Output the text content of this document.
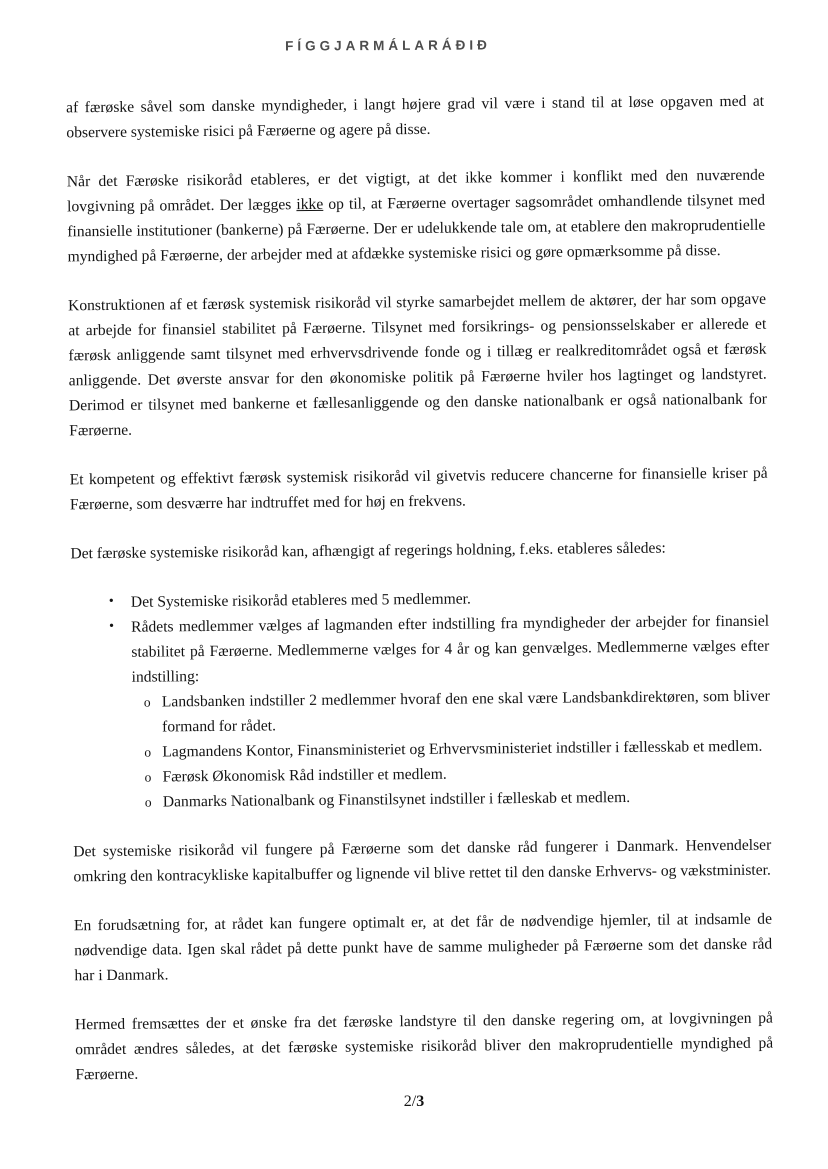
FÍGGJARMÁLARÁÐIÐ

af færøske såvel som danske myndigheder, i langt højere grad vil være i stand til at løse opgaven med at observere systemiske risici på Færøerne og agere på disse.

Når det Færøske risikoråd etableres, er det vigtigt, at det ikke kommer i konflikt med den nuværende lovgivning på området. Der lægges ikke op til, at Færøerne overtager sagsområdet omhandlende tilsynet med finansielle institutioner (bankerne) på Færøerne. Der er udelukkende tale om, at etablere den makroprudentielle myndighed på Færøerne, der arbejder med at afdække systemiske risici og gøre opmærksomme på disse.

Konstruktionen af et færøsk systemisk risikoråd vil styrke samarbejdet mellem de aktører, der har som opgave at arbejde for finansiel stabilitet på Færøerne. Tilsynet med forsikrings- og pensionsselskaber er allerede et færøsk anliggende samt tilsynet med erhvervsdrivende fonde og i tillæg er realkreditområdet også et færøsk anliggende. Det øverste ansvar for den økonomiske politik på Færøerne hviler hos lagtinget og landstyret. Derimod er tilsynet med bankerne et fællesanliggende og den danske nationalbank er også nationalbank for Færøerne.

Et kompetent og effektivt færøsk systemisk risikoråd vil givetvis reducere chancerne for finansielle kriser på Færøerne, som desværre har indtruffet med for høj en frekvens.

Det færøske systemiske risikoråd kan, afhængigt af regerings holdning, f.eks. etableres således:

• Det Systemiske risikoråd etableres med 5 medlemmer.
• Rådets medlemmer vælges af lagmanden efter indstilling fra myndigheder der arbejder for finansiel stabilitet på Færøerne. Medlemmerne vælges for 4 år og kan genvælges. Medlemmerne vælges efter indstilling:
o Landsbanken indstiller 2 medlemmer hvoraf den ene skal være Landsbankdirektøren, som bliver formand for rådet.
o Lagmandens Kontor, Finansministeriet og Erhvervsministeriet indstiller i fællesskab et medlem.
o Færøsk Økonomisk Råd indstiller et medlem.
o Danmarks Nationalbank og Finanstilsynet indstiller i fælleskab et medlem.

Det systemiske risikoråd vil fungere på Færøerne som det danske råd fungerer i Danmark. Henvendelser omkring den kontracykliske kapitalbuffer og lignende vil blive rettet til den danske Erhvervs- og vækstminister.

En forudsætning for, at rådet kan fungere optimalt er, at det får de nødvendige hjemler, til at indsamle de nødvendige data. Igen skal rådet på dette punkt have de samme muligheder på Færøerne som det danske råd har i Danmark.

Hermed fremsættes der et ønske fra det færøske landstyre til den danske regering om, at lovgivningen på området ændres således, at det færøske systemiske risikoråd bliver den makroprudentielle myndighed på Færøerne.

2/3
